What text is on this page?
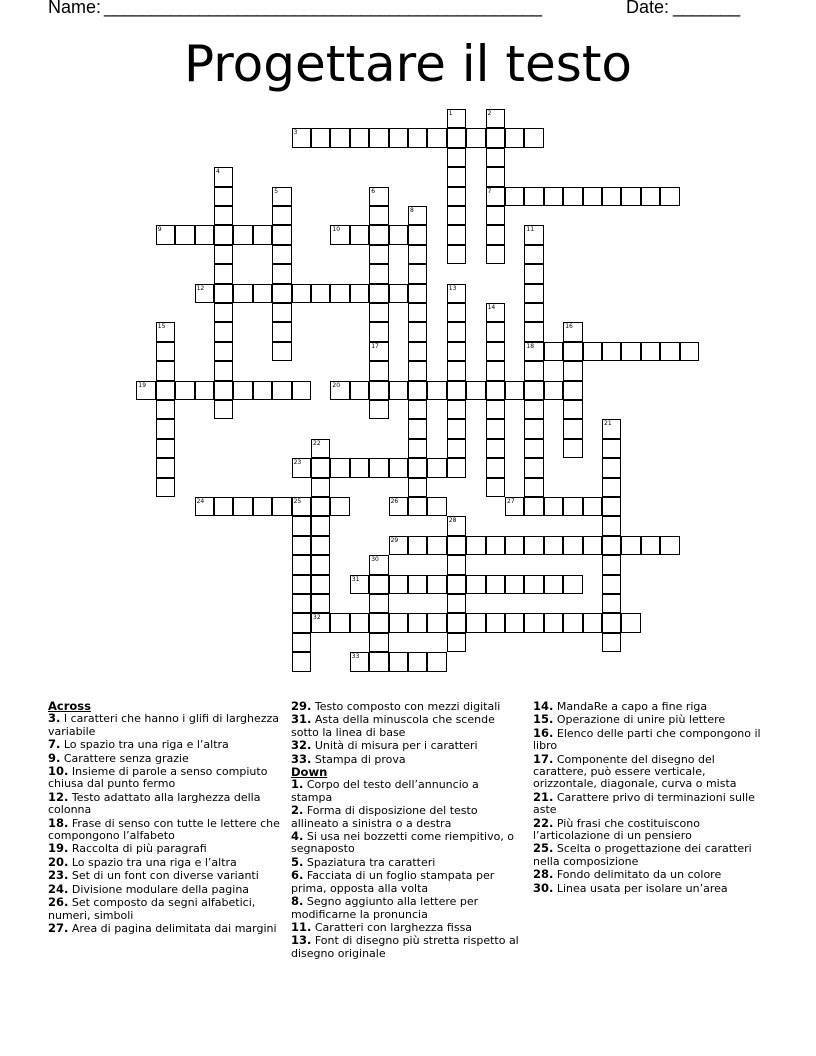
Name: ______________________________________________	Date: _______
Progettare il testo
1	2
7
3
4
5	6
17
8
9	10	11
18
12	13
14
15	16
19	20
21
22
23
24	25	26	27
28
29
30
31
32
33
Across
3. I caratteri che hanno i glifi di larghezza variabile
7. Lo spazio tra una riga e l’altra
9. Carattere senza grazie
10. Insieme di parole a senso compiuto chiusa dal punto fermo
12. Testo adattato alla larghezza della colonna
18. Frase di senso con tutte le lettere che compongono l’alfabeto
19. Raccolta di più paragrafi
20. Lo spazio tra una riga e l’altra
23. Set di un font con diverse varianti
24. Divisione modulare della pagina
26. Set composto da segni alfabetici, numeri, simboli
27. Area di pagina delimitata dai margini
29. Testo composto con mezzi digitali
31. Asta della minuscola che scende sotto la linea di base
32. Unità di misura per i caratteri
33. Stampa di prova
Down
1. Corpo del testo dell’annuncio a stampa
2. Forma di disposizione del testo allineato a sinistra o a destra
4. Si usa nei bozzetti come riempitivo, o segnaposto
5. Spaziatura tra caratteri
6. Facciata di un foglio stampata per prima, opposta alla volta
8. Segno aggiunto alla lettere per modificarne la pronuncia
11. Caratteri con larghezza fissa
13. Font di disegno più stretta rispetto al disegno originale
14. MandaRe a capo a fine riga
15. Operazione di unire più lettere
16. Elenco delle parti che compongono il libro
17. Componente del disegno del carattere, può essere verticale, orizzontale, diagonale, curva o mista
21. Carattere privo di terminazioni sulle aste
22. Più frasi che costituiscono l’articolazione di un pensiero
25. Scelta o progettazione dei caratteri nella composizione
28. Fondo delimitato da un colore
30. Linea usata per isolare un’area
